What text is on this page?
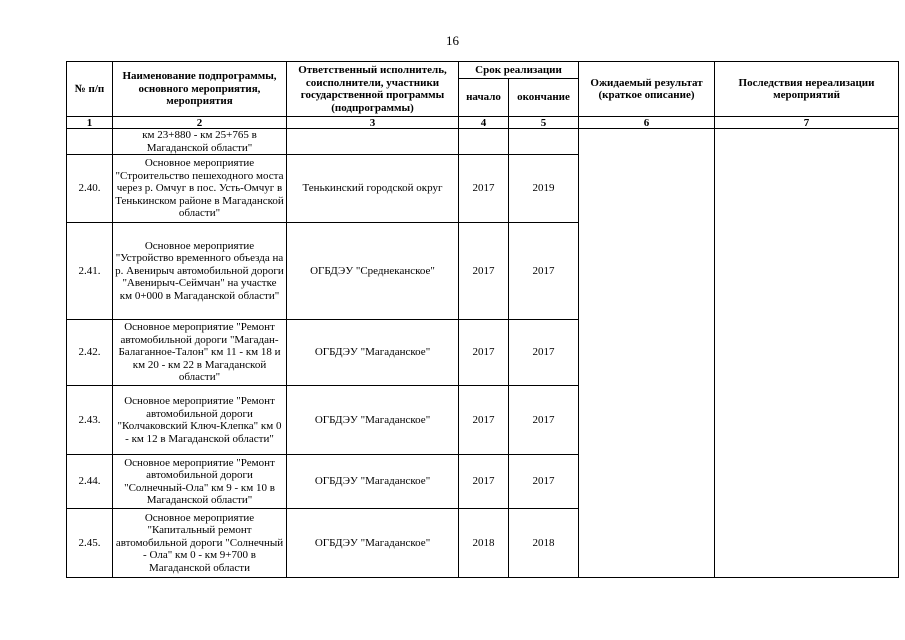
16
№ п/п	Наименование подпрограммы, основного мероприятия, мероприятия	Ответственный исполнитель, соисполнители, участники государственной программы (подпрограммы)	Срок реализации		Ожидаемый результат (краткое описание)	Последствия нереализации мероприятий
			начало	окончание		
1	2	3	4	5	6	7
	км 23+880 - км 25+765 в Магаданской области"					
2.40.	Основное мероприятие "Строительство пешеходного моста через р. Омчуг в пос. Усть-Омчуг в Тенькинском районе в Магаданской области"	Тенькинский городской округ	2017	2019		
2.41.	Основное мероприятие "Устройство временного объезда на р. Авенирыч автомобильной дороги "Авенирыч-Сеймчан" на участке км 0+000 в Магаданской области"	ОГБДЭУ "Среднеканское"	2017	2017		
2.42.	Основное мероприятие "Ремонт автомобильной дороги "Магадан-Балаганное-Талон" км 11 - км 18 и км 20 - км 22 в Магаданской области"	ОГБДЭУ "Магаданское"	2017	2017		
2.43.	Основное мероприятие "Ремонт автомобильной дороги "Колчаковский Ключ-Клепка" км 0 - км 12 в Магаданской области"	ОГБДЭУ "Магаданское"	2017	2017		
2.44.	Основное мероприятие "Ремонт автомобильной дороги "Солнечный-Ола" км 9 - км 10 в Магаданской области"	ОГБДЭУ "Магаданское"	2017	2017		
2.45.	Основное мероприятие "Капитальный ремонт автомобильной дороги "Солнечный - Ола" км 0 - км 9+700 в Магаданской области	ОГБДЭУ "Магаданское"	2018	2018		
